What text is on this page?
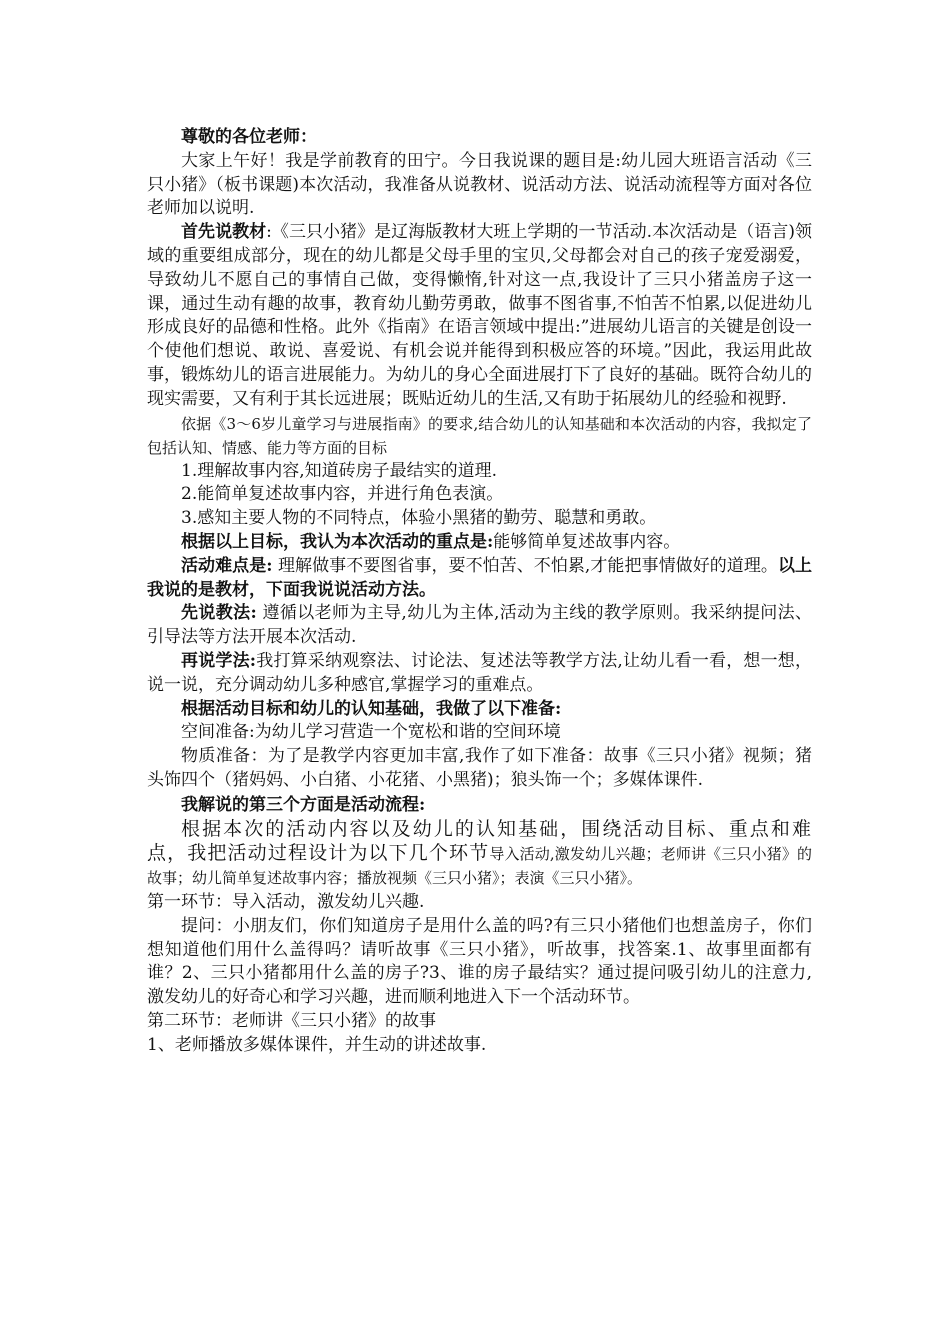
尊敬的各位老师：

大家上午好！我是学前教育的田宁。今日我说课的题目是:幼儿园大班语言活动《三只小猪》（板书课题)本次活动，我准备从说教材、说活动方法、说活动流程等方面对各位老师加以说明.

首先说教材:《三只小猪》是辽海版教材大班上学期的一节活动.本次活动是（语言)领域的重要组成部分，现在的幼儿都是父母手里的宝贝,父母都会对自己的孩子宠爱溺爱，导致幼儿不愿自己的事情自己做，变得懒惰,针对这一点,我设计了三只小猪盖房子这一课，通过生动有趣的故事，教育幼儿勤劳勇敢，做事不图省事,不怕苦不怕累,以促进幼儿形成良好的品德和性格。此外《指南》在语言领域中提出:”进展幼儿语言的关键是创设一个使他们想说、敢说、喜爱说、有机会说并能得到积极应答的环境。”因此，我运用此故事，锻炼幼儿的语言进展能力。为幼儿的身心全面进展打下了良好的基础。既符合幼儿的现实需要，又有利于其长远进展；既贴近幼儿的生活,又有助于拓展幼儿的经验和视野.

依据《3～6岁儿童学习与进展指南》的要求,结合幼儿的认知基础和本次活动的内容，我拟定了包括认知、情感、能力等方面的目标

1.理解故事内容,知道砖房子最结实的道理.

2.能简单复述故事内容，并进行角色表演。

3.感知主要人物的不同特点，体验小黑猪的勤劳、聪慧和勇敢。

根据以上目标，我认为本次活动的重点是:能够简单复述故事内容。

活动难点是: 理解做事不要图省事，要不怕苦、不怕累,才能把事情做好的道理。以上我说的是教材，下面我说说活动方法。

先说教法: 遵循以老师为主导,幼儿为主体,活动为主线的教学原则。我采纳提问法、引导法等方法开展本次活动.

再说学法:我打算采纳观察法、讨论法、复述法等教学方法,让幼儿看一看，想一想，说一说，充分调动幼儿多种感官,掌握学习的重难点。

根据活动目标和幼儿的认知基础，我做了以下准备:

空间准备:为幼儿学习营造一个宽松和谐的空间环境

物质准备：为了是教学内容更加丰富,我作了如下准备：故事《三只小猪》视频；猪头饰四个（猪妈妈、小白猪、小花猪、小黑猪)；狼头饰一个；多媒体课件.

我解说的第三个方面是活动流程:

根据本次的活动内容以及幼儿的认知基础，围绕活动目标、重点和难点，我把活动过程设计为以下几个环节导入活动,激发幼儿兴趣；老师讲《三只小猪》的故事；幼儿简单复述故事内容；播放视频《三只小猪》；表演《三只小猪》。

第一环节：导入活动，激发幼儿兴趣.

提问：小朋友们，你们知道房子是用什么盖的吗?有三只小猪他们也想盖房子，你们想知道他们用什么盖得吗？请听故事《三只小猪》，听故事，找答案.1、故事里面都有谁？2、三只小猪都用什么盖的房子?3、谁的房子最结实？通过提问吸引幼儿的注意力,激发幼儿的好奇心和学习兴趣，进而顺利地进入下一个活动环节。

第二环节：老师讲《三只小猪》的故事

1、老师播放多媒体课件，并生动的讲述故事.
